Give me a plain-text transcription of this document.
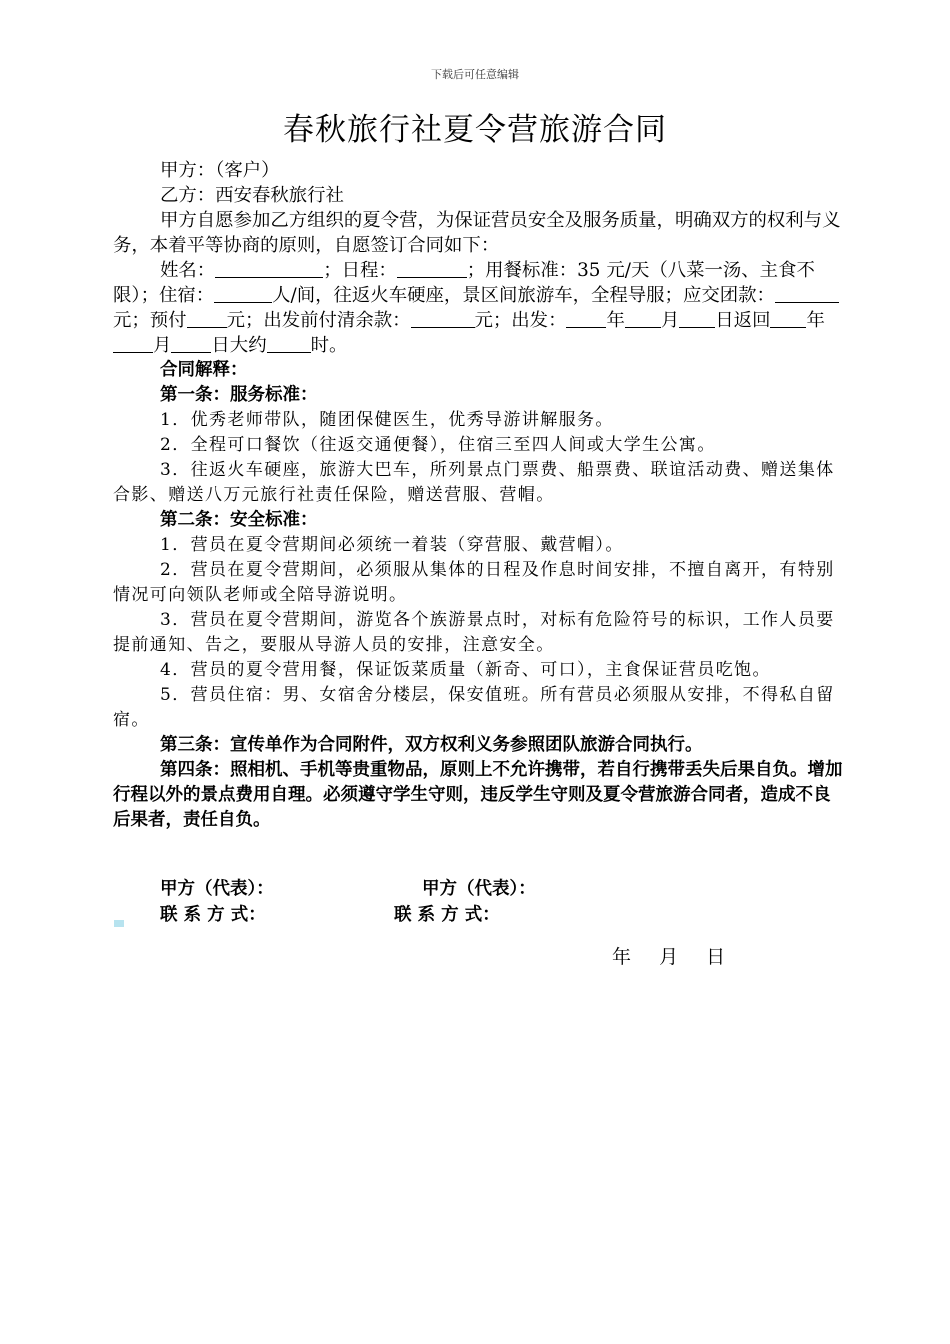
下载后可任意编辑
春秋旅行社夏令营旅游合同

甲方：（客户）

乙方：西安春秋旅行社

甲方自愿参加乙方组织的夏令营，为保证营员安全及服务质量，明确双方的权利与义务，本着平等协商的原则，自愿签订合同如下：

姓名：	；日程：	；用餐标准：35 元/天（八菜一汤、主食不限）；住宿：	人/间，往返火车硬座，景区间旅游车，全程导服；应交团款：元；预付 元；出发前付清余款：	元；出发： 年 月 日返回 年月 日大约 时。

合同解释：

第一条：服务标准：

1．优秀老师带队，随团保健医生，优秀导游讲解服务。

2．全程可口餐饮（往返交通便餐），住宿三至四人间或大学生公寓。

3．往返火车硬座，旅游大巴车，所列景点门票费、船票费、联谊活动费、赠送集体合影、赠送八万元旅行社责任保险，赠送营服、营帽。

第二条：安全标准：

1．营员在夏令营期间必须统一着装（穿营服、戴营帽）。

2．营员在夏令营期间，必须服从集体的日程及作息时间安排，不擅自离开，有特别情况可向领队老师或全陪导游说明。

3．营员在夏令营期间，游览各个族游景点时，对标有危险符号的标识，工作人员要提前通知、告之，要服从导游人员的安排，注意安全。

4．营员的夏令营用餐，保证饭菜质量（新奇、可口），主食保证营员吃饱。

5．营员住宿：男、女宿舍分楼层，保安值班。所有营员必须服从安排，不得私自留宿。

第三条：宣传单作为合同附件，双方权利义务参照团队旅游合同执行。

第四条：照相机、手机等贵重物品，原则上不允许携带，若自行携带丢失后果自负。增加行程以外的景点费用自理。必须遵守学生守则，违反学生守则及夏令营旅游合同者，造成不良后果者，责任自负。

甲方（代表）：	甲方（代表）：
联 系 方 式：	联 系 方 式：
年 月 日
